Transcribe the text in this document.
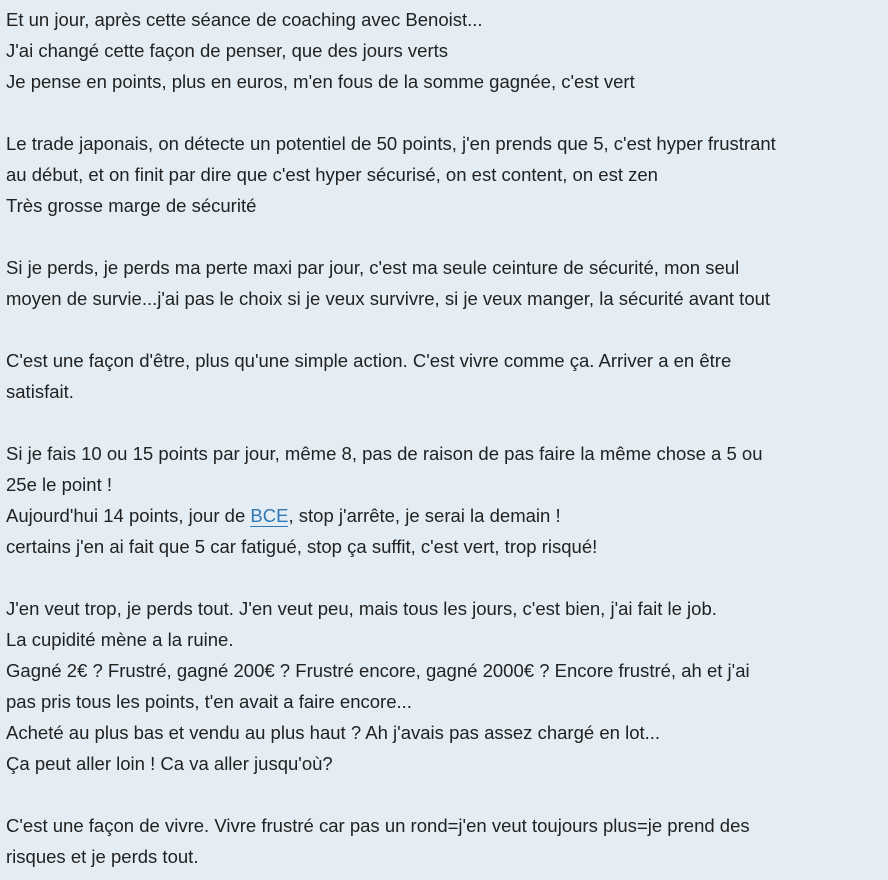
Et un jour, après cette séance de coaching avec Benoist...
J'ai changé cette façon de penser, que des jours verts
Je pense en points, plus en euros, m'en fous de la somme gagnée, c'est vert
Le trade japonais, on détecte un potentiel de 50 points, j'en prends que 5, c'est hyper frustrant
au début, et on finit par dire que c'est hyper sécurisé, on est content, on est zen
Très grosse marge de sécurité
Si je perds, je perds ma perte maxi par jour, c'est ma seule ceinture de sécurité, mon seul
moyen de survie...j'ai pas le choix si je veux survivre, si je veux manger, la sécurité avant tout
C'est une façon d'être, plus qu'une simple action. C'est vivre comme ça. Arriver a en être
satisfait.
Si je fais 10 ou 15 points par jour, même 8, pas de raison de pas faire la même chose a 5 ou
25e le point !
Aujourd'hui 14 points, jour de BCE, stop j'arrête, je serai la demain !
certains j'en ai fait que 5 car fatigué, stop ça suffit, c'est vert, trop risqué!
J'en veut trop, je perds tout. J'en veut peu, mais tous les jours, c'est bien, j'ai fait le job.
La cupidité mène a la ruine.
Gagné 2€ ? Frustré, gagné 200€ ? Frustré encore, gagné 2000€ ? Encore frustré, ah et j'ai
pas pris tous les points, t'en avait a faire encore...
Acheté au plus bas et vendu au plus haut ? Ah j'avais pas assez chargé en lot...
Ça peut aller loin ! Ca va aller jusqu'où?
C'est une façon de vivre. Vivre frustré car pas un rond=j'en veut toujours plus=je prend des
risques et je perds tout.
